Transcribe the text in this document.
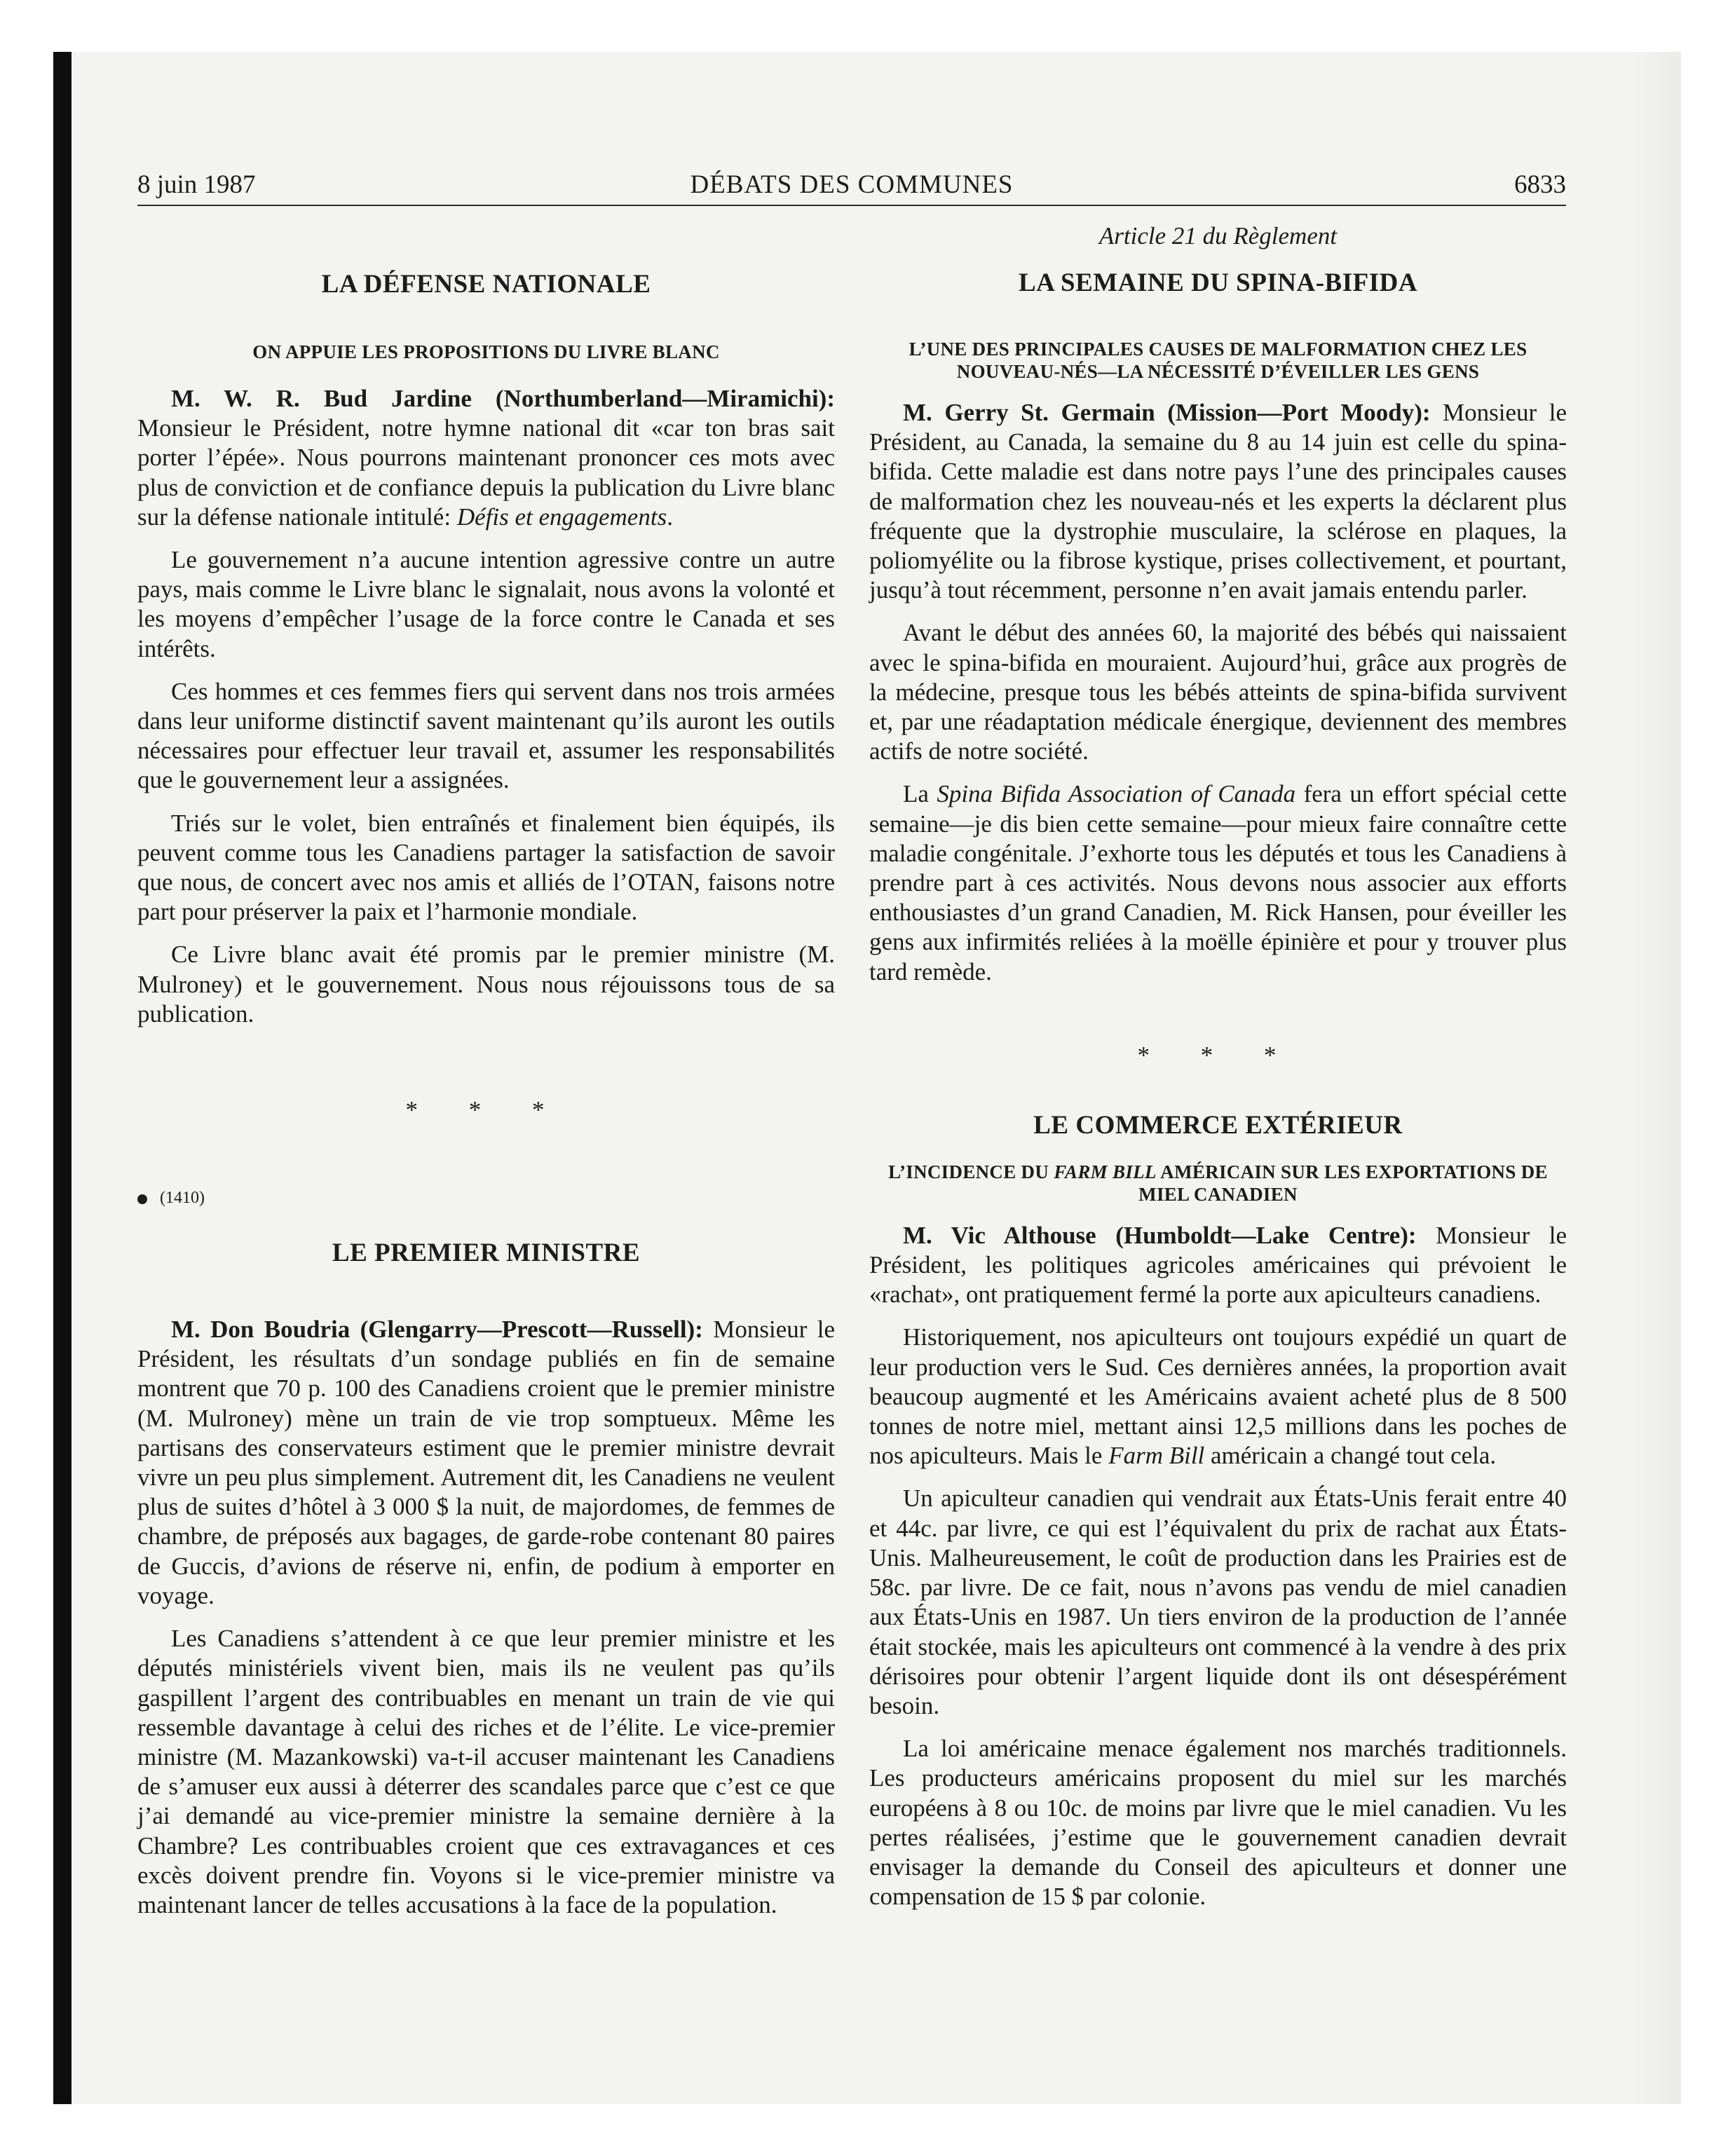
8 juin 1987	DÉBATS DES COMMUNES	6833
LA DÉFENSE NATIONALE
ON APPUIE LES PROPOSITIONS DU LIVRE BLANC

M. W. R. Bud Jardine (Northumberland—Miramichi): Monsieur le Président, notre hymne national dit «car ton bras sait porter l’épée». Nous pourrons maintenant prononcer ces mots avec plus de conviction et de confiance depuis la publication du Livre blanc sur la défense nationale intitulé: Défis et engagements.

Le gouvernement n’a aucune intention agressive contre un autre pays, mais comme le Livre blanc le signalait, nous avons la volonté et les moyens d’empêcher l’usage de la force contre le Canada et ses intérêts.

Ces hommes et ces femmes fiers qui servent dans nos trois armées dans leur uniforme distinctif savent maintenant qu’ils auront les outils nécessaires pour effectuer leur travail et, assumer les responsabilités que le gouvernement leur a assignées.

Triés sur le volet, bien entraînés et finalement bien équipés, ils peuvent comme tous les Canadiens partager la satisfaction de savoir que nous, de concert avec nos amis et alliés de l’OTAN, faisons notre part pour préserver la paix et l’harmonie mondiale.

Ce Livre blanc avait été promis par le premier ministre (M. Mulroney) et le gouvernement. Nous nous réjouissons tous de sa publication.

* * *
(1410)
LE PREMIER MINISTRE

M. Don Boudria (Glengarry—Prescott—Russell): Monsieur le Président, les résultats d’un sondage publiés en fin de semaine montrent que 70 p. 100 des Canadiens croient que le premier ministre (M. Mulroney) mène un train de vie trop somptueux. Même les partisans des conservateurs estiment que le premier ministre devrait vivre un peu plus simplement. Autrement dit, les Canadiens ne veulent plus de suites d’hôtel à 3 000 $ la nuit, de majordomes, de femmes de chambre, de préposés aux bagages, de garde-robe contenant 80 paires de Guccis, d’avions de réserve ni, enfin, de podium à emporter en voyage.

Les Canadiens s’attendent à ce que leur premier ministre et les députés ministériels vivent bien, mais ils ne veulent pas qu’ils gaspillent l’argent des contribuables en menant un train de vie qui ressemble davantage à celui des riches et de l’élite. Le vice-premier ministre (M. Mazankowski) va-t-il accuser maintenant les Canadiens de s’amuser eux aussi à déterrer des scandales parce que c’est ce que j’ai demandé au vice-premier ministre la semaine dernière à la Chambre? Les contribuables croient que ces extravagances et ces excès doivent prendre fin. Voyons si le vice-premier ministre va maintenant lancer de telles accusations à la face de la population.

Article 21 du Règlement
LA SEMAINE DU SPINA-BIFIDA
L’UNE DES PRINCIPALES CAUSES DE MALFORMATION CHEZ LES NOUVEAU-NÉS—LA NÉCESSITÉ D’ÉVEILLER LES GENS

M. Gerry St. Germain (Mission—Port Moody): Monsieur le Président, au Canada, la semaine du 8 au 14 juin est celle du spina-bifida. Cette maladie est dans notre pays l’une des principales causes de malformation chez les nouveau-nés et les experts la déclarent plus fréquente que la dystrophie musculaire, la sclérose en plaques, la poliomyélite ou la fibrose kystique, prises collectivement, et pourtant, jusqu’à tout récemment, personne n’en avait jamais entendu parler.

Avant le début des années 60, la majorité des bébés qui naissaient avec le spina-bifida en mouraient. Aujourd’hui, grâce aux progrès de la médecine, presque tous les bébés atteints de spina-bifida survivent et, par une réadaptation médicale énergique, deviennent des membres actifs de notre société.

La Spina Bifida Association of Canada fera un effort spécial cette semaine—je dis bien cette semaine—pour mieux faire connaître cette maladie congénitale. J’exhorte tous les députés et tous les Canadiens à prendre part à ces activités. Nous devons nous associer aux efforts enthousiastes d’un grand Canadien, M. Rick Hansen, pour éveiller les gens aux infirmités reliées à la moëlle épinière et pour y trouver plus tard remède.

* * *
LE COMMERCE EXTÉRIEUR
L’INCIDENCE DU FARM BILL AMÉRICAIN SUR LES EXPORTATIONS DE MIEL CANADIEN

M. Vic Althouse (Humboldt—Lake Centre): Monsieur le Président, les politiques agricoles américaines qui prévoient le «rachat», ont pratiquement fermé la porte aux apiculteurs canadiens.

Historiquement, nos apiculteurs ont toujours expédié un quart de leur production vers le Sud. Ces dernières années, la proportion avait beaucoup augmenté et les Américains avaient acheté plus de 8 500 tonnes de notre miel, mettant ainsi 12,5 millions dans les poches de nos apiculteurs. Mais le Farm Bill américain a changé tout cela.

Un apiculteur canadien qui vendrait aux États-Unis ferait entre 40 et 44c. par livre, ce qui est l’équivalent du prix de rachat aux États-Unis. Malheureusement, le coût de production dans les Prairies est de 58c. par livre. De ce fait, nous n’avons pas vendu de miel canadien aux États-Unis en 1987. Un tiers environ de la production de l’année était stockée, mais les apiculteurs ont commencé à la vendre à des prix dérisoires pour obtenir l’argent liquide dont ils ont désespérément besoin.

La loi américaine menace également nos marchés traditionnels. Les producteurs américains proposent du miel sur les marchés européens à 8 ou 10c. de moins par livre que le miel canadien. Vu les pertes réalisées, j’estime que le gouvernement canadien devrait envisager la demande du Conseil des apiculteurs et donner une compensation de 15 $ par colonie.
